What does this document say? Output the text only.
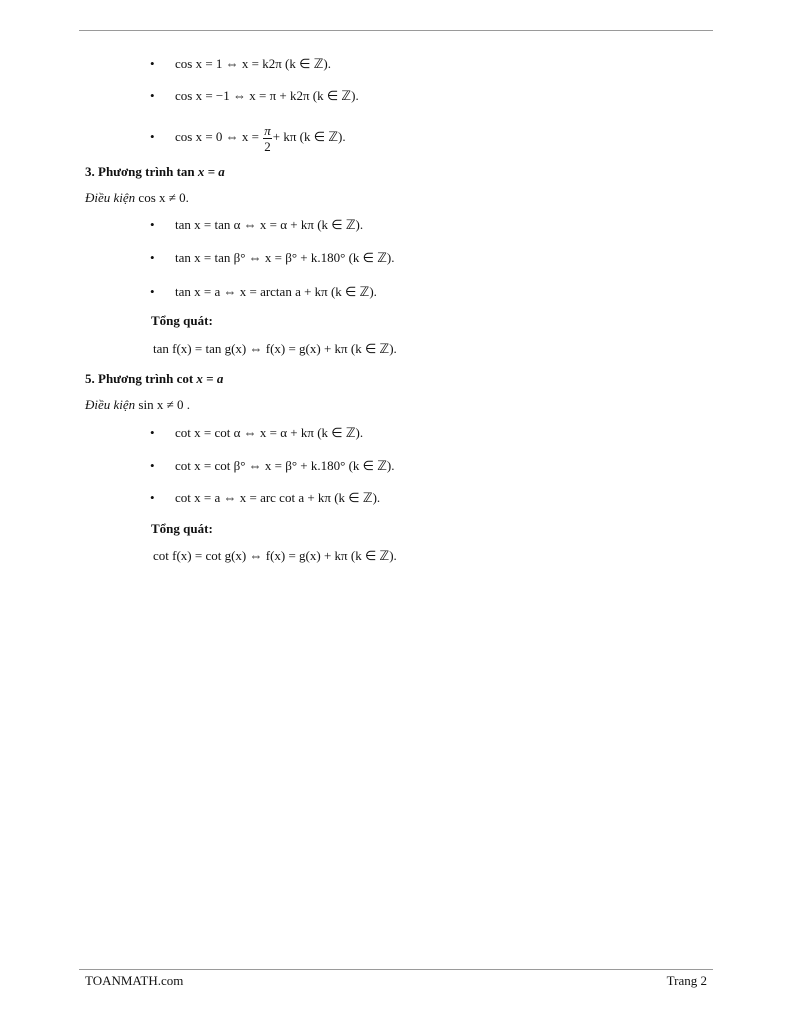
• cos x = 1 ⇔ x = k2π (k ∈ ℤ).
• cos x = −1 ⇔ x = π + k2π (k ∈ ℤ).
• cos x = 0 ⇔ $x = \frac{\pi}{2} + k\pi$ (k ∈ ℤ).
3. Phương trình tan x = a
Điều kiện cos x ≠ 0.
• tan x = tan α ⇔ x = α + kπ (k ∈ ℤ).
• tan x = tan β° ⇔ x = β° + k.180° (k ∈ ℤ).
• tan x = a ⇔ x = arctan a + kπ (k ∈ ℤ).
Tổng quát:
tan f(x) = tan g(x) ⇔ f(x) = g(x) + kπ (k ∈ ℤ).
5. Phương trình cot x = a
Điều kiện sin x ≠ 0 .
• cot x = cot α ⇔ x = α + kπ (k ∈ ℤ).
• cot x = cot β° ⇔ x = β° + k.180° (k ∈ ℤ).
• cot x = a ⇔ x = arc cot a + kπ (k ∈ ℤ).
Tổng quát:
cot f(x) = cot g(x) ⇔ f(x) = g(x) + kπ (k ∈ ℤ).
TOANMATH.com	Trang 2
